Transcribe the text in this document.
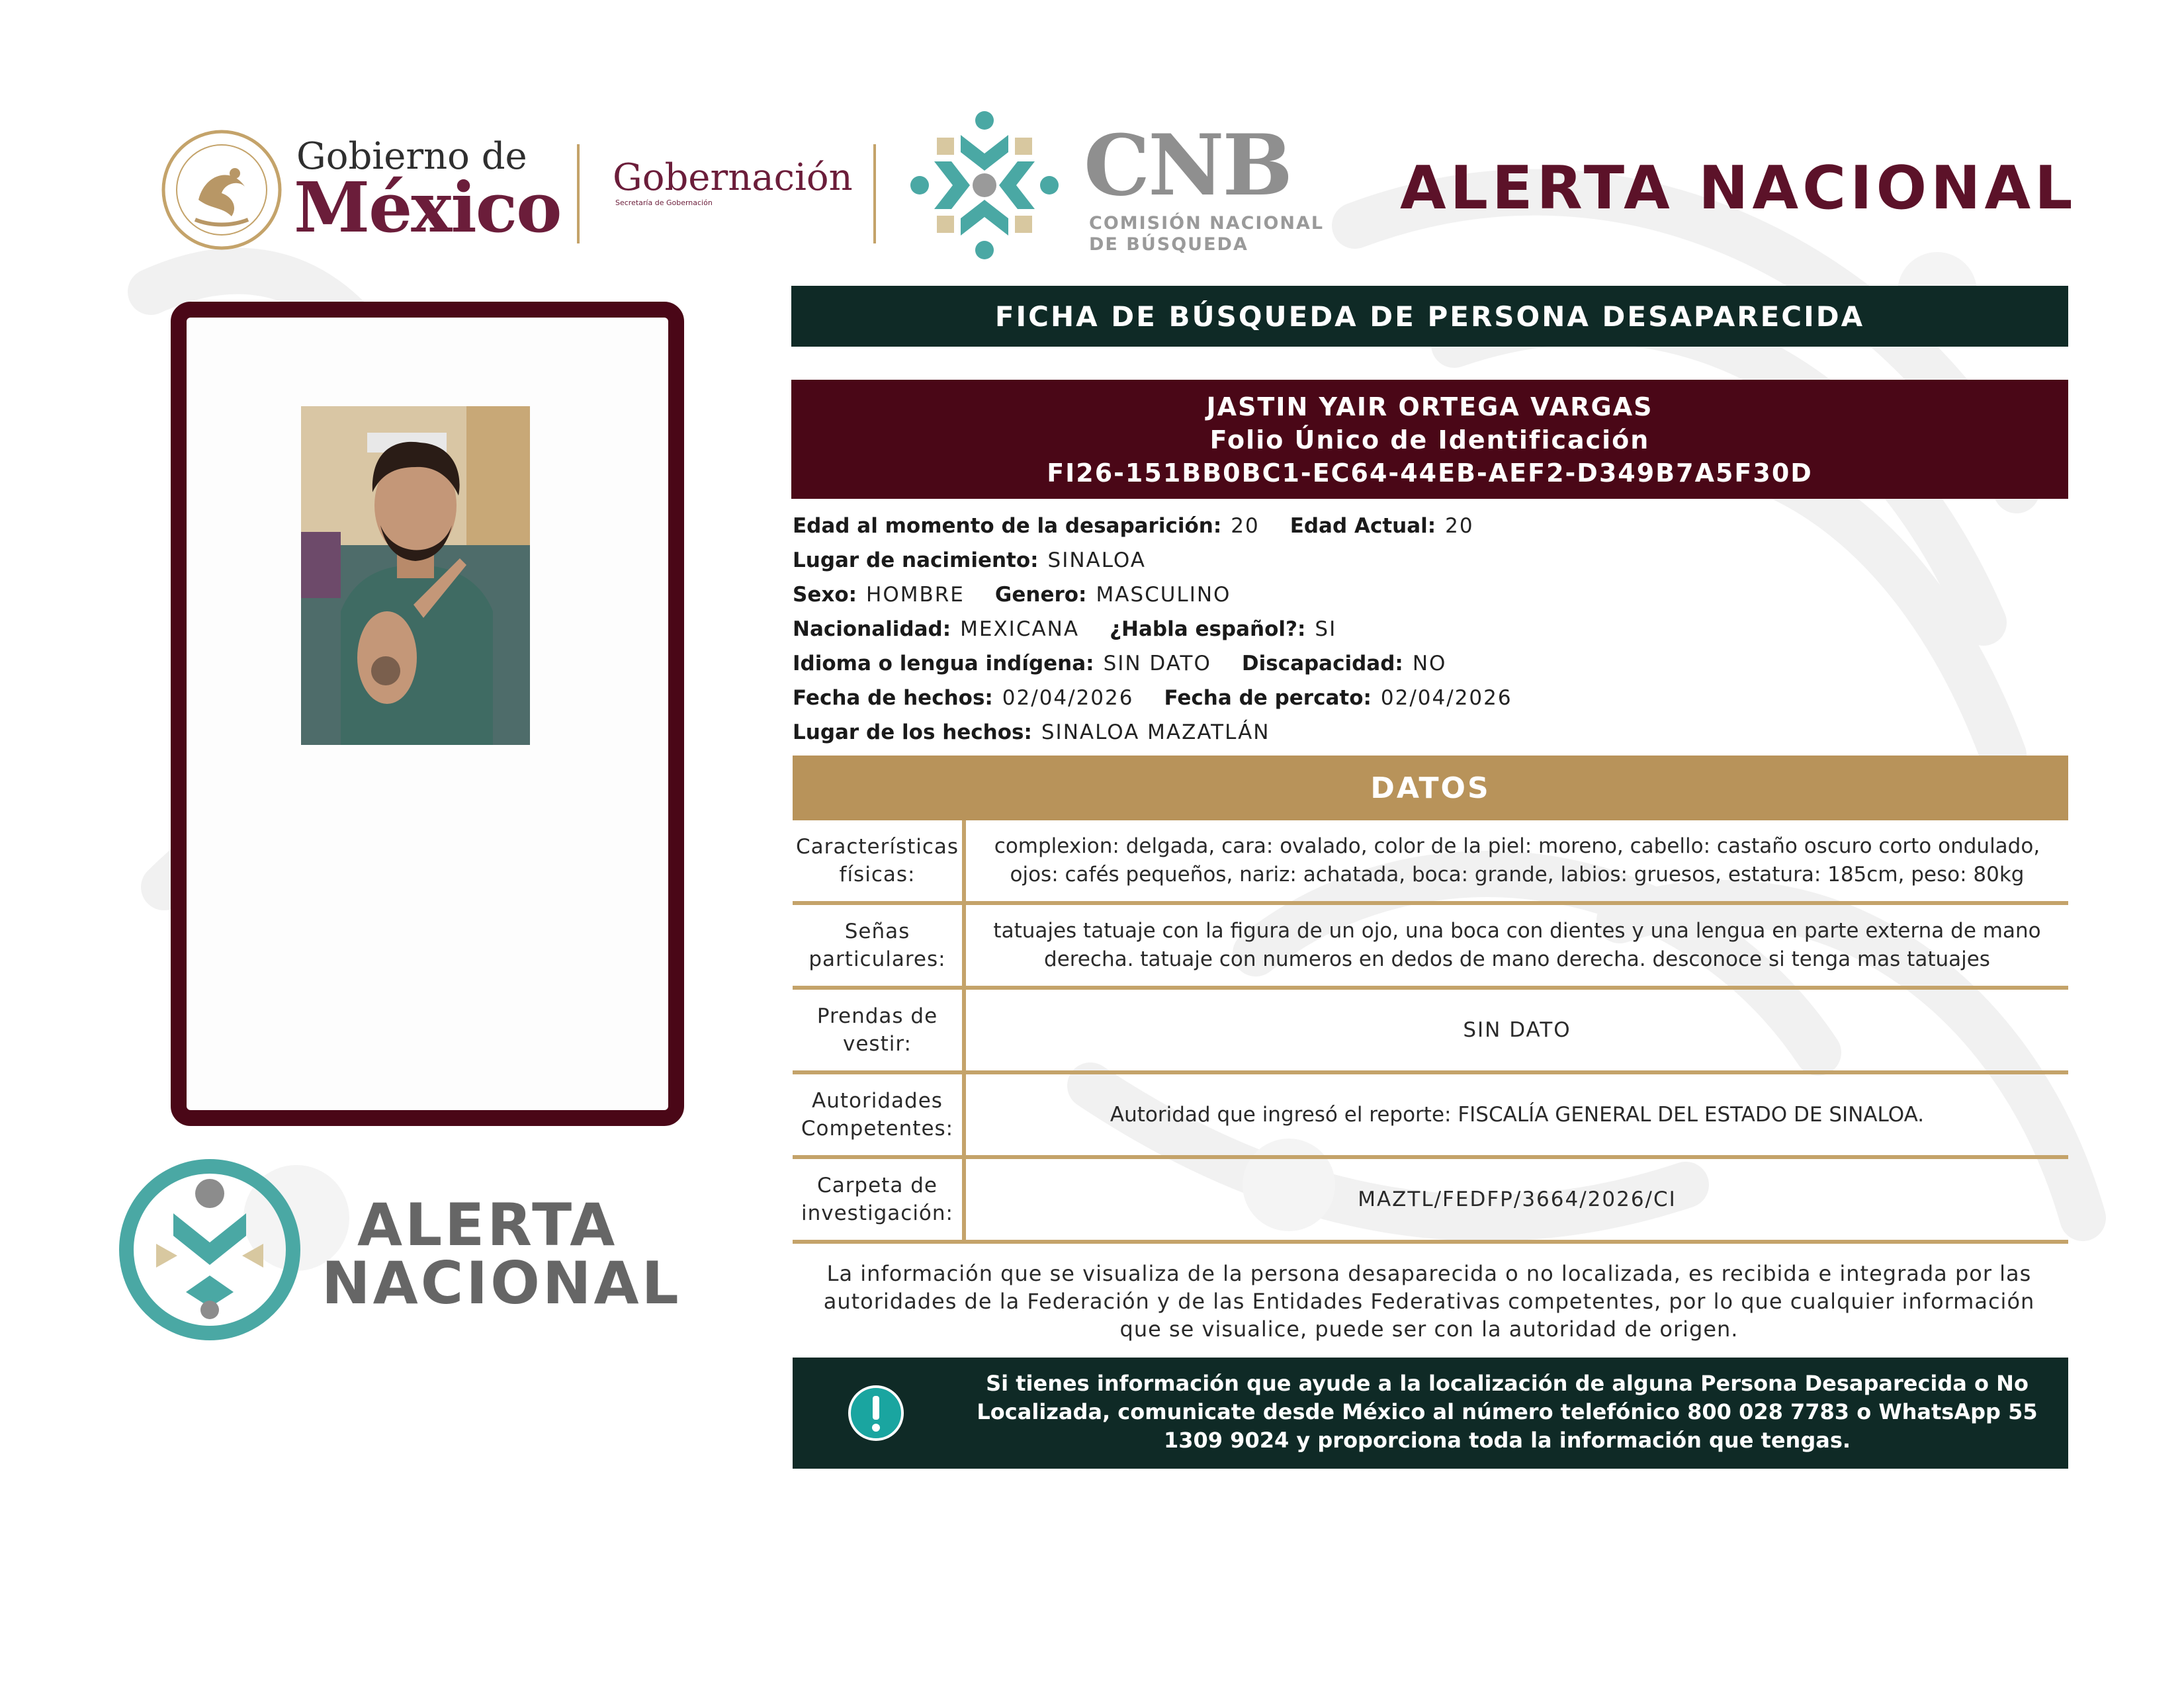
Gobierno de
México Gobernación
Secretaría de Gobernación	CNB
COMISIÓN NACIONAL
DE BÚSQUEDA
ALERTA NACIONAL
ALERTA
NACIONAL
FICHA DE BÚSQUEDA DE PERSONA DESAPARECIDA
JASTIN YAIR ORTEGA VARGAS
Folio Único de Identificación
FI26-151BB0BC1-EC64-44EB-AEF2-D349B7A5F30D
Edad al momento de la desaparición: 20 Edad Actual: 20
Lugar de nacimiento: SINALOA
Sexo: HOMBRE Genero: MASCULINO
Nacionalidad: MEXICANA ¿Habla español?: SI
Idioma o lengua indígena: SIN DATO Discapacidad: NO
Fecha de hechos: 02/04/2026 Fecha de percato: 02/04/2026
Lugar de los hechos: SINALOA MAZATLÁN
DATOS
Características físicas:
complexion: delgada, cara: ovalado, color de la piel: moreno, cabello: castaño oscuro corto ondulado, ojos: cafés pequeños, nariz: achatada, boca: grande, labios: gruesos, estatura: 185cm, peso: 80kg
Señas particulares:
tatuajes tatuaje con la figura de un ojo, una boca con dientes y una lengua en parte externa de mano derecha. tatuaje con numeros en dedos de mano derecha. desconoce si tenga mas tatuajes
Prendas de vestir:
SIN DATO
Autoridades Competentes:
Autoridad que ingresó el reporte: FISCALÍA GENERAL DEL ESTADO DE SINALOA.
Carpeta de investigación:
MAZTL/FEDFP/3664/2026/CI
La información que se visualiza de la persona desaparecida o no localizada, es recibida e integrada por las autoridades de la Federación y de las Entidades Federativas competentes, por lo que cualquier información que se visualice, puede ser con la autoridad de origen.
Si tienes información que ayude a la localización de alguna Persona Desaparecida o No Localizada, comunicate desde México al número telefónico 800 028 7783 o WhatsApp 55 1309 9024 y proporciona toda la información que tengas.
